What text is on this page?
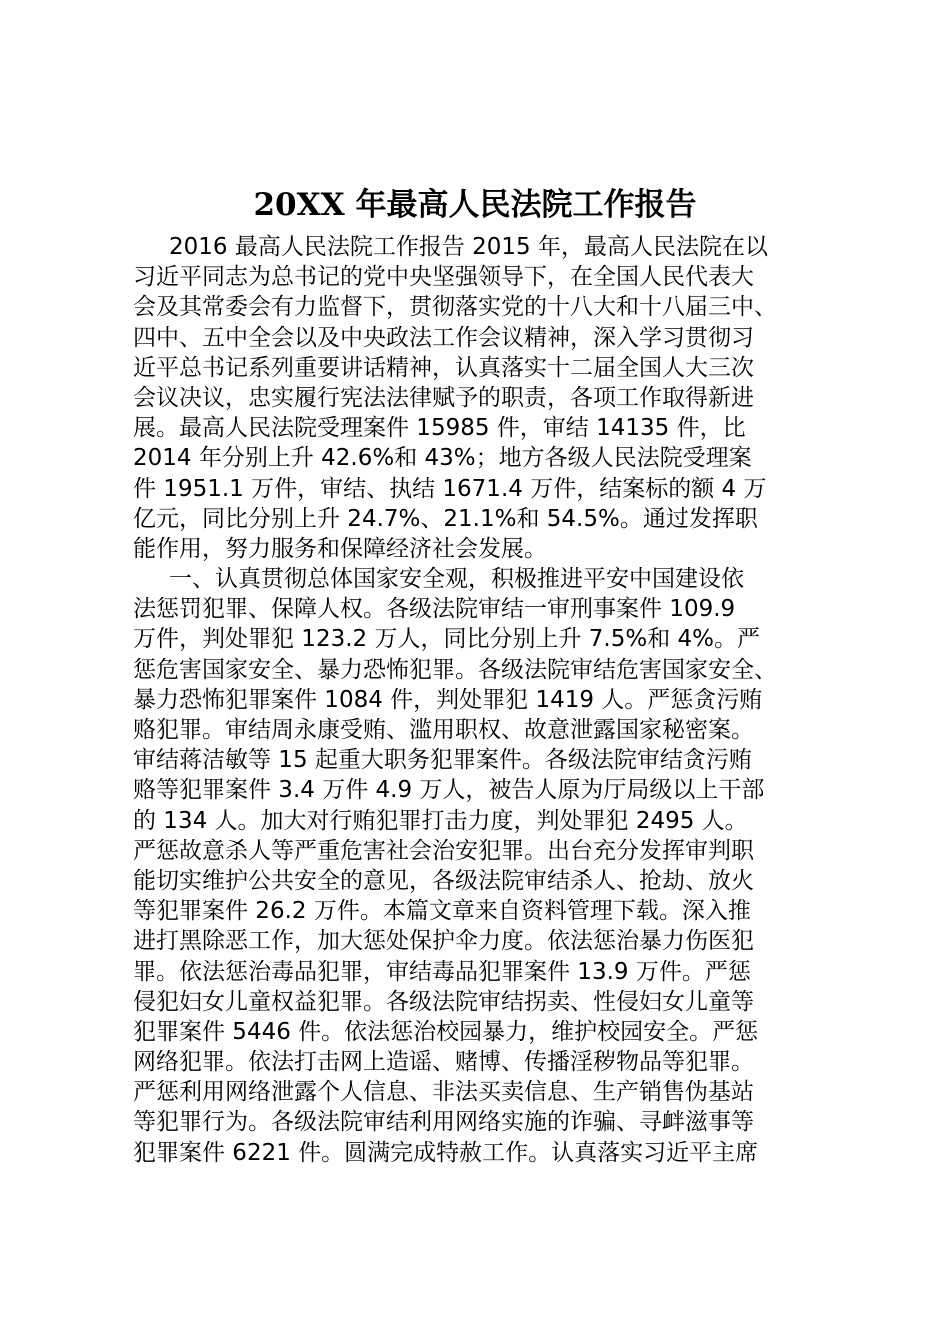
20XX 年最高人民法院工作报告
2016 最高人民法院工作报告 2015 年，最高人民法院在以
习近平同志为总书记的党中央坚强领导下，在全国人民代表大
会及其常委会有力监督下，贯彻落实党的十八大和十八届三中、
四中、五中全会以及中央政法工作会议精神，深入学习贯彻习
近平总书记系列重要讲话精神，认真落实十二届全国人大三次
会议决议，忠实履行宪法法律赋予的职责，各项工作取得新进
展。最高人民法院受理案件 15985 件，审结 14135 件，比
2014 年分别上升 42.6%和 43%；地方各级人民法院受理案
件 1951.1 万件，审结、执结 1671.4 万件，结案标的额 4 万
亿元，同比分别上升 24.7%、21.1%和 54.5%。通过发挥职
能作用，努力服务和保障经济社会发展。
一、认真贯彻总体国家安全观，积极推进平安中国建设依
法惩罚犯罪、保障人权。各级法院审结一审刑事案件 109.9
万件，判处罪犯 123.2 万人，同比分别上升 7.5%和 4%。严
惩危害国家安全、暴力恐怖犯罪。各级法院审结危害国家安全、
暴力恐怖犯罪案件 1084 件，判处罪犯 1419 人。严惩贪污贿
赂犯罪。审结周永康受贿、滥用职权、故意泄露国家秘密案。
审结蒋洁敏等 15 起重大职务犯罪案件。各级法院审结贪污贿
赂等犯罪案件 3.4 万件 4.9 万人，被告人原为厅局级以上干部
的 134 人。加大对行贿犯罪打击力度，判处罪犯 2495 人。
严惩故意杀人等严重危害社会治安犯罪。出台充分发挥审判职
能切实维护公共安全的意见，各级法院审结杀人、抢劫、放火
等犯罪案件 26.2 万件。本篇文章来自资料管理下载。深入推
进打黑除恶工作，加大惩处保护伞力度。依法惩治暴力伤医犯
罪。依法惩治毒品犯罪，审结毒品犯罪案件 13.9 万件。严惩
侵犯妇女儿童权益犯罪。各级法院审结拐卖、性侵妇女儿童等
犯罪案件 5446 件。依法惩治校园暴力，维护校园安全。严惩
网络犯罪。依法打击网上造谣、赌博、传播淫秽物品等犯罪。
严惩利用网络泄露个人信息、非法买卖信息、生产销售伪基站
等犯罪行为。各级法院审结利用网络实施的诈骗、寻衅滋事等
犯罪案件 6221 件。圆满完成特赦工作。认真落实习近平主席
